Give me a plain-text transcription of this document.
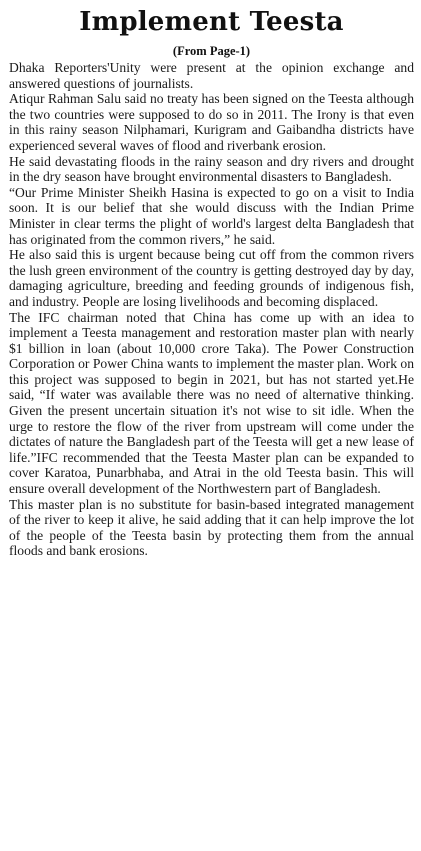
Implement Teesta
(From Page-1)

Dhaka Reporters'Unity were present at the opinion exchange and answered questions of journalists.

Atiqur Rahman Salu said no treaty has been signed on the Teesta although the two countries were supposed to do so in 2011. The Irony is that even in this rainy season Nilphamari, Kurigram and Gaibandha districts have experienced several waves of flood and riverbank erosion.

He said devastating floods in the rainy season and dry rivers and drought in the dry season have brought environmental disasters to Bangladesh.

“Our Prime Minister Sheikh Hasina is expected to go on a visit to India soon. It is our belief that she would discuss with the Indian Prime Minister in clear terms the plight of world's largest delta Bangladesh that has originated from the common rivers,” he said.

He also said this is urgent because being cut off from the common rivers the lush green environment of the country is getting destroyed day by day, damaging agriculture, breeding and feeding grounds of indigenous fish, and industry. People are losing livelihoods and becoming displaced.

The IFC chairman noted that China has come up with an idea to implement a Teesta management and restoration master plan with nearly $1 billion in loan (about 10,000 crore Taka). The Power Construction Corporation or Power China wants to implement the master plan. Work on this project was supposed to begin in 2021, but has not started yet.He said, “If water was available there was no need of alternative thinking. Given the present uncertain situation it's not wise to sit idle. When the urge to restore the flow of the river from upstream will come under the dictates of nature the Bangladesh part of the Teesta will get a new lease of life.”IFC recommended that the Teesta Master plan can be expanded to cover Karatoa, Punarbhaba, and Atrai in the old Teesta basin. This will ensure overall development of the Northwestern part of Bangladesh.

This master plan is no substitute for basin-based integrated management of the river to keep it alive, he said adding that it can help improve the lot of the people of the Teesta basin by protecting them from the annual floods and bank erosions.
